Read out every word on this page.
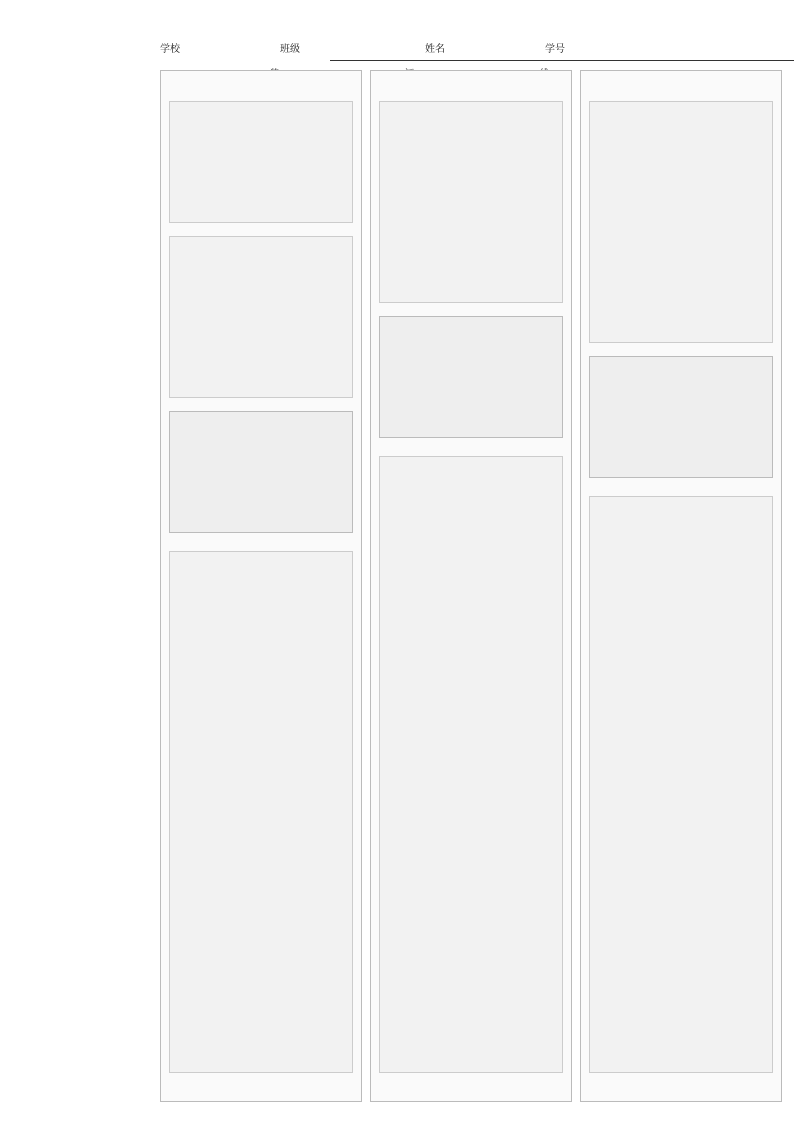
学校	班级	姓名	学号
